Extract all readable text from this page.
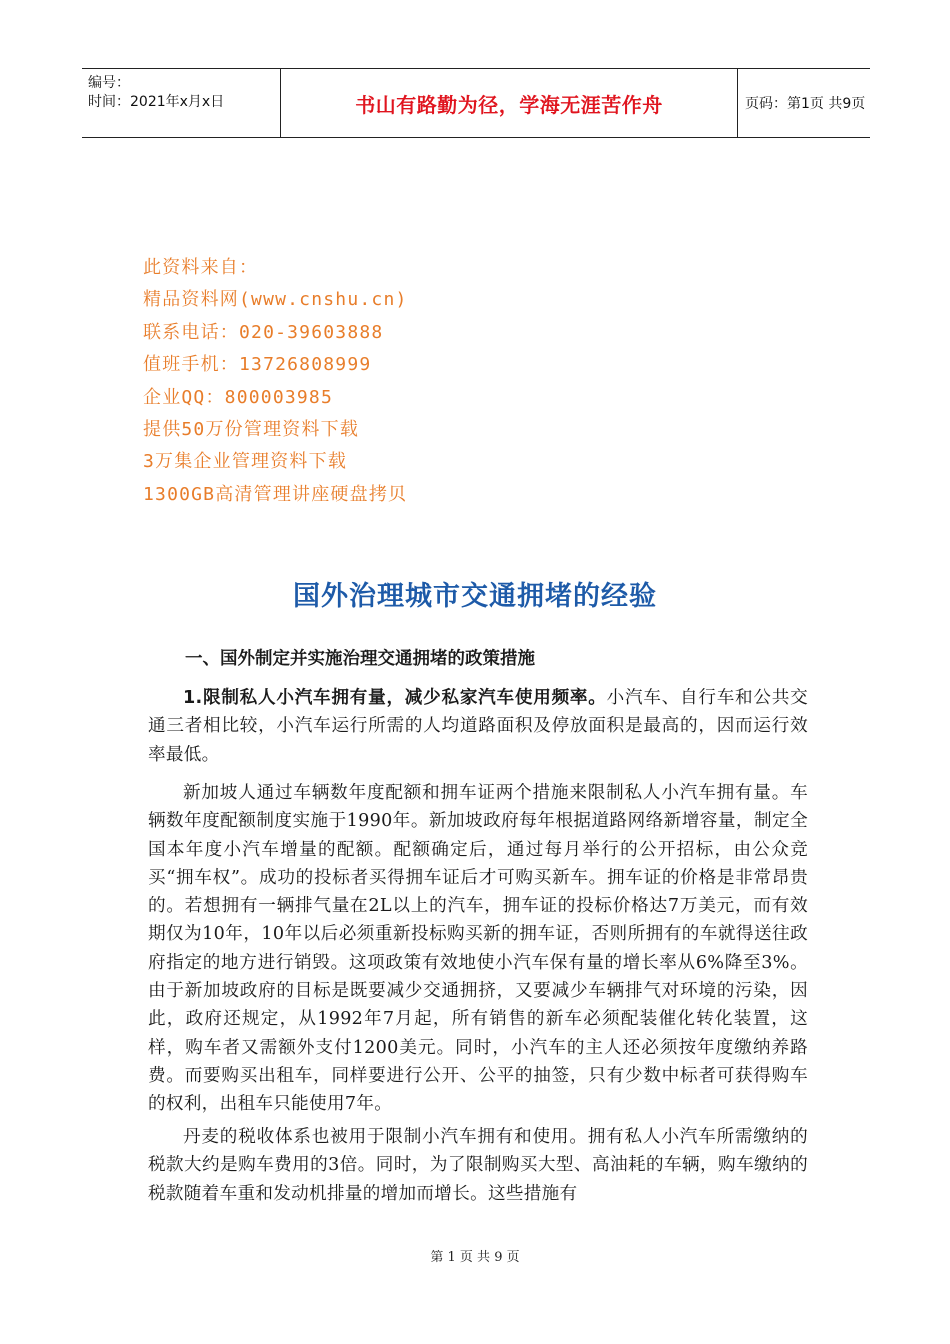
编号：
时间：2021年x月x日	书山有路勤为径，学海无涯苦作舟	页码：第1页 共9页
此资料来自：
精品资料网(www.cnshu.cn)
联系电话：020-39603888
值班手机：13726808999
企业QQ：800003985
提供50万份管理资料下载
3万集企业管理资料下载
1300GB高清管理讲座硬盘拷贝
国外治理城市交通拥堵的经验
一、国外制定并实施治理交通拥堵的政策措施
1.限制私人小汽车拥有量，减少私家汽车使用频率。小汽车、自行车和公共交通三者相比较，小汽车运行所需的人均道路面积及停放面积是最高的，因而运行效率最低。
新加坡人通过车辆数年度配额和拥车证两个措施来限制私人小汽车拥有量。车辆数年度配额制度实施于1990年。新加坡政府每年根据道路网络新增容量，制定全国本年度小汽车增量的配额。配额确定后，通过每月举行的公开招标，由公众竞买“拥车权”。成功的投标者买得拥车证后才可购买新车。拥车证的价格是非常昂贵的。若想拥有一辆排气量在2L以上的汽车，拥车证的投标价格达7万美元，而有效期仅为10年，10年以后必须重新投标购买新的拥车证，否则所拥有的车就得送往政府指定的地方进行销毁。这项政策有效地使小汽车保有量的增长率从6%降至3%。由于新加坡政府的目标是既要减少交通拥挤，又要减少车辆排气对环境的污染，因此，政府还规定，从1992年7月起，所有销售的新车必须配装催化转化装置，这样，购车者又需额外支付1200美元。同时，小汽车的主人还必须按年度缴纳养路费。而要购买出租车，同样要进行公开、公平的抽签，只有少数中标者可获得购车的权利，出租车只能使用7年。
丹麦的税收体系也被用于限制小汽车拥有和使用。拥有私人小汽车所需缴纳的税款大约是购车费用的3倍。同时，为了限制购买大型、高油耗的车辆，购车缴纳的税款随着车重和发动机排量的增加而增长。这些措施有
第 1 页 共 9 页
